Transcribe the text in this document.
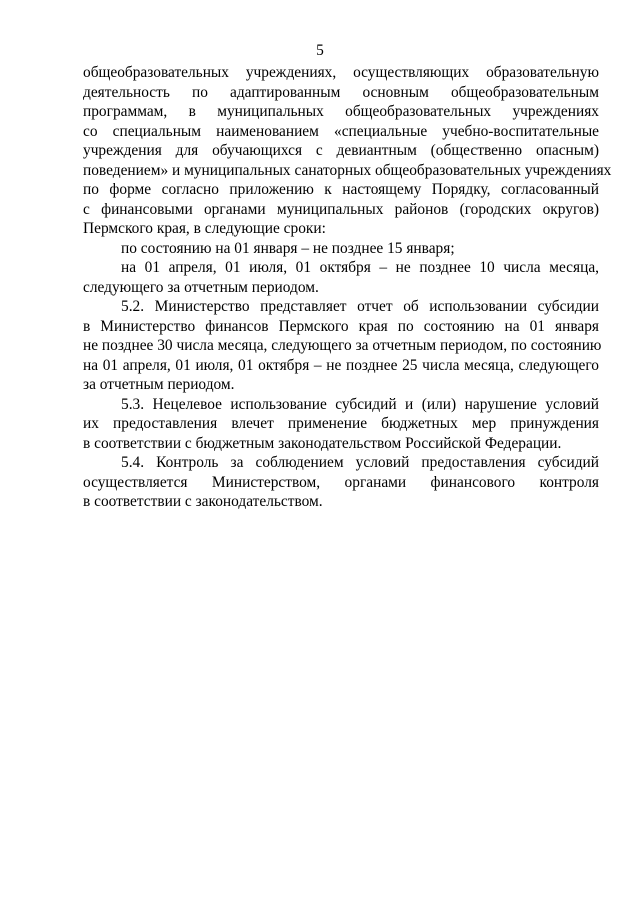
5
общеобразовательных учреждениях, осуществляющих образовательную
деятельность по адаптированным основным общеобразовательным
программам, в муниципальных общеобразовательных учреждениях
со специальным наименованием «специальные учебно-воспитательные
учреждения для обучающихся с девиантным (общественно опасным)
поведением» и муниципальных санаторных общеобразовательных учреждениях
по форме согласно приложению к настоящему Порядку, согласованный
с финансовыми органами муниципальных районов (городских округов)
Пермского края, в следующие сроки:
по состоянию на 01 января – не позднее 15 января;
на 01 апреля, 01 июля, 01 октября – не позднее 10 числа месяца,
следующего за отчетным периодом.
5.2. Министерство представляет отчет об использовании субсидии
в Министерство финансов Пермского края по состоянию на 01 января
не позднее 30 числа месяца, следующего за отчетным периодом, по состоянию
на 01 апреля, 01 июля, 01 октября – не позднее 25 числа месяца, следующего
за отчетным периодом.
5.3. Нецелевое использование субсидий и (или) нарушение условий
их предоставления влечет применение бюджетных мер принуждения
в соответствии с бюджетным законодательством Российской Федерации.
5.4. Контроль за соблюдением условий предоставления субсидий
осуществляется Министерством, органами финансового контроля
в соответствии с законодательством.
